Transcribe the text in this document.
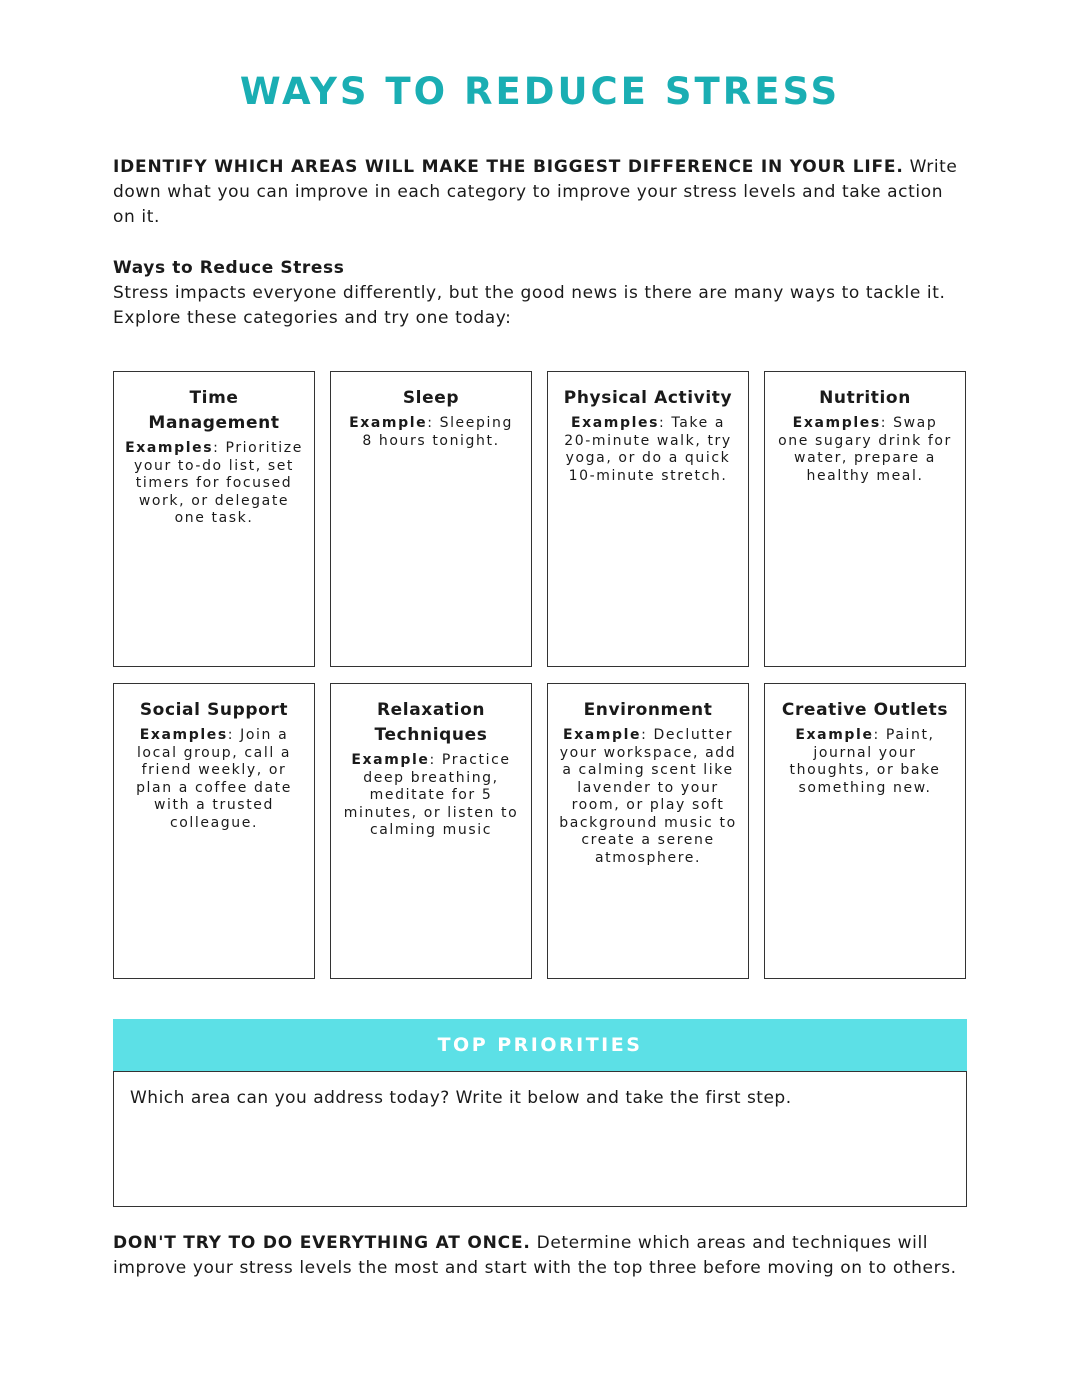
WAYS TO REDUCE STRESS

IDENTIFY WHICH AREAS WILL MAKE THE BIGGEST DIFFERENCE IN YOUR LIFE. Write down what you can improve in each category to improve your stress levels and take action on it.

Ways to Reduce Stress
Stress impacts everyone differently, but the good news is there are many ways to tackle it. Explore these categories and try one today:

Time Management

Examples: Prioritize your to-do list, set timers for focused work, or delegate one task.

Sleep

Example: Sleeping 8 hours tonight.

Physical Activity

Examples: Take a 20-minute walk, try yoga, or do a quick 10-minute stretch.

Nutrition

Examples: Swap one sugary drink for water, prepare a healthy meal.

Social Support

Examples: Join a local group, call a friend weekly, or plan a coffee date with a trusted colleague.

Relaxation Techniques

Example: Practice deep breathing, meditate for 5 minutes, or listen to calming music

Environment

Example: Declutter your workspace, add a calming scent like lavender to your room, or play soft background music to create a serene atmosphere.

Creative Outlets

Example: Paint, journal your thoughts, or bake something new.

TOP PRIORITIES
Which area can you address today? Write it below and take the first step.

DON'T TRY TO DO EVERYTHING AT ONCE. Determine which areas and techniques will improve your stress levels the most and start with the top three before moving on to others.
